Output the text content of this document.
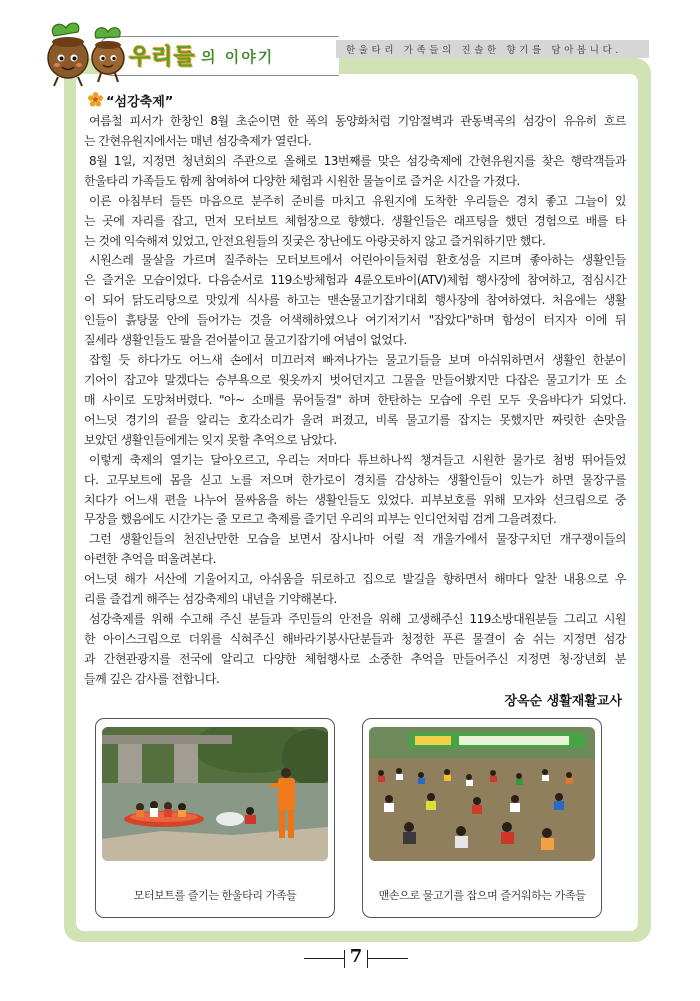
우리들 의 이야기	한울타리 가족들의 진솔한 향기를 담아봅니다.
“섬강축제”
여름철 피서가 한창인 8월 초순이면 한 폭의 동양화처럼 기암절벽과 관동벽곡의 섬강이 유유히 흐르
는 간현유원지에서는 매년 섬강축제가 열린다.
8월 1일, 지정면 청년회의 주관으로 올해로 13번째를 맞은 섬강축제에 간현유원지를 찾은 행락객들과
한울타리 가족들도 함께 참여하여 다양한 체험과 시원한 물놀이로 즐거운 시간을 가졌다.
이른 아침부터 들뜬 마음으로 분주히 준비를 마치고 유원지에 도착한 우리들은 경치 좋고 그늘이 있
는 곳에 자리를 잡고, 먼저 모터보트 체험장으로 향했다. 생활인들은 래프팅을 했던 경험으로 배를 타
는 것에 익숙해져 있었고, 안전요원들의 짓궂은 장난에도 아랑곳하지 않고 즐거워하기만 했다.
시원스레 물살을 가르며 질주하는 모터보트에서 어린아이들처럼 환호성을 지르며 좋아하는 생활인들
은 즐거운 모습이었다. 다음순서로 119소방체험과 4륜오토바이(ATV)체험 행사장에 참여하고, 점심시간
이 되어 닭도리탕으로 맛있게 식사를 하고는 맨손물고기잡기대회 행사장에 참여하였다. 처음에는 생활
인들이 흙탕물 안에 들어가는 것을 어색해하였으나 여기저기서 "잡았다"하며 함성이 터지자 이에 뒤
질세라 생활인들도 팔을 걷어붙이고 물고기잡기에 여념이 없었다.
잡힐 듯 하다가도 어느새 손에서 미끄러져 빠져나가는 물고기들을 보며 아쉬워하면서 생활인 한분이
기어이 잡고야 말겠다는 승부욕으로 윗옷까지 벗어던지고 그물을 만들어봤지만 다잡은 물고기가 또 소
매 사이로 도망쳐버렸다. "아~ 소매를 묶어둘걸" 하며 한탄하는 모습에 우린 모두 웃음바다가 되었다.
어느덧 경기의 끝을 알리는 호각소리가 울려 퍼졌고, 비록 물고기를 잡지는 못했지만 짜릿한 손맛을
보았던 생활인들에게는 잊지 못할 추억으로 남았다.
이렇게 축제의 열기는 달아오르고, 우리는 저마다 튜브하나씩 챙겨들고 시원한 물가로 첨벙 뛰어들었
다. 고무보트에 몸을 싣고 노를 저으며 한가로이 경치를 감상하는 생활인들이 있는가 하면 물장구를
치다가 어느새 편을 나누어 물싸움을 하는 생활인들도 있었다. 피부보호를 위해 모자와 선크림으로 중
무장을 했음에도 시간가는 줄 모르고 축제를 즐기던 우리의 피부는 인디언처럼 검게 그을려졌다.
그런 생활인들의 천진난만한 모습을 보면서 잠시나마 어릴 적 개울가에서 물장구치던 개구쟁이들의
아련한 추억을 떠올려본다.
어느덧 해가 서산에 기울어지고, 아쉬움을 뒤로하고 집으로 발길을 향하면서 해마다 알찬 내용으로 우
리를 즐겁게 해주는 섬강축제의 내년을 기약해본다.
섬강축제를 위해 수고해 주신 분들과 주민들의 안전을 위해 고생해주신 119소방대원분들 그리고 시원
한 아이스크림으로 더위를 식혀주신 해바라기봉사단분들과 청정한 푸른 물결이 숨 쉬는 지정면 섬강
과 간현관광지를 전국에 알리고 다양한 체험행사로 소중한 추억을 만들어주신 지정면 청·장년회 분
들께 깊은 감사를 전합니다.
장옥순 생활재활교사
모터보트를 즐기는 한울타리 가족들	맨손으로 물고기를 잡으며 즐거워하는 가족들
7
